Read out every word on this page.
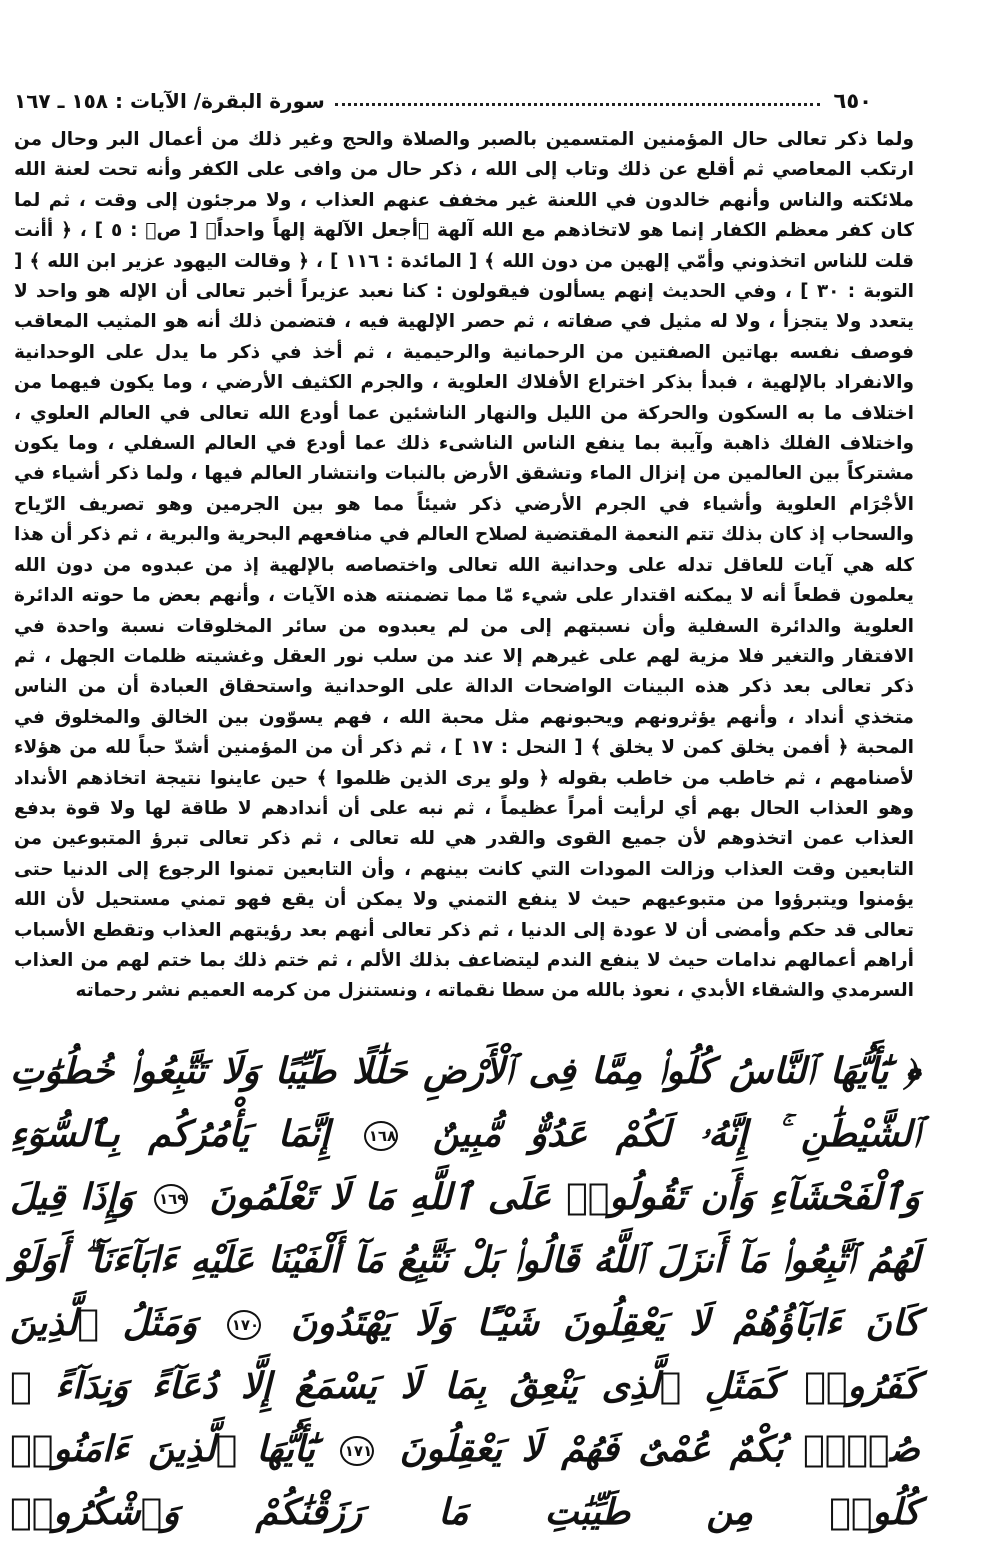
٦٥٠
سورة البقرة/ الآيات : ١٥٨ ـ ١٦٧

ولما ذكر تعالى حال المؤمنين المتسمين بالصبر والصلاة والحج وغير ذلك من أعمال البر وحال من ارتكب المعاصي ثم أقلع عن ذلك وتاب إلى الله ، ذكر حال من وافى على الكفر وأنه تحت لعنة الله ملائكته والناس وأنهم خالدون في اللعنة غير مخفف عنهم العذاب ، ولا مرجئون إلى وقت ، ثم لما كان كفر معظم الكفار إنما هو لاتخاذهم مع الله آلهة ﴿أجعل الآلهة إلهاً واحداً﴾ [ صۤ : ٥ ] ، ﴿ أأنت قلت للناس اتخذوني وأمّي إلهين من دون الله ﴾ [ المائدة : ١١٦ ] ، ﴿ وقالت اليهود عزير ابن الله ﴾ [ التوبة : ٣٠ ] ، وفي الحديث إنهم يسألون فيقولون : كنا نعبد عزيراً أخبر تعالى أن الإله هو واحد لا يتعدد ولا يتجزأ ، ولا له مثيل في صفاته ، ثم حصر الإلهية فيه ، فتضمن ذلك أنه هو المثيب المعاقب فوصف نفسه بهاتين الصفتين من الرحمانية والرحيمية ، ثم أخذ في ذكر ما يدل على الوحدانية والانفراد بالإلهية ، فبدأ بذكر اختراع الأفلاك العلوية ، والجرم الكثيف الأرضي ، وما يكون فيهما من اختلاف ما به السكون والحركة من الليل والنهار الناشئين عما أودع الله تعالى في العالم العلوي ، واختلاف الفلك ذاهبة وآيبة بما ينفع الناس الناشىء ذلك عما أودع في العالم السفلي ، وما يكون مشتركاً بين العالمين من إنزال الماء وتشقق الأرض بالنبات وانتشار العالم فيها ، ولما ذكر أشياء في الأجْرَام العلوية وأشياء في الجرم الأرضي ذكر شيئاً مما هو بين الجرمين وهو تصريف الرّياح والسحاب إذ كان بذلك تتم النعمة المقتضية لصلاح العالم في منافعهم البحرية والبرية ، ثم ذكر أن هذا كله هي آيات للعاقل تدله على وحدانية الله تعالى واختصاصه بالإلهية إذ من عبدوه من دون الله يعلمون قطعاً أنه لا يمكنه اقتدار على شيء مّا مما تضمنته هذه الآيات ، وأنهم بعض ما حوته الدائرة العلوية والدائرة السفلية وأن نسبتهم إلى من لم يعبدوه من سائر المخلوقات نسبة واحدة في الافتقار والتغير فلا مزية لهم على غيرهم إلا عند من سلب نور العقل وغشيته ظلمات الجهل ، ثم ذكر تعالى بعد ذكر هذه البينات الواضحات الدالة على الوحدانية واستحقاق العبادة أن من الناس متخذي أنداد ، وأنهم يؤثرونهم ويحبونهم مثل محبة الله ، فهم يسوّون بين الخالق والمخلوق في المحبة ﴿ أفمن يخلق كمن لا يخلق ﴾ [ النحل : ١٧ ] ، ثم ذكر أن من المؤمنين أشدّ حباً لله من هؤلاء لأصنامهم ، ثم خاطب من خاطب بقوله ﴿ ولو يرى الذين ظلموا ﴾ حين عاينوا نتيجة اتخاذهم الأنداد وهو العذاب الحال بهم أي لرأيت أمراً عظيماً ، ثم نبه على أن أندادهم لا طاقة لها ولا قوة بدفع العذاب عمن اتخذوهم لأن جميع القوى والقدر هي لله تعالى ، ثم ذكر تعالى تبرؤ المتبوعين من التابعين وقت العذاب وزالت المودات التي كانت بينهم ، وأن التابعين تمنوا الرجوع إلى الدنيا حتى يؤمنوا ويتبرؤوا من متبوعيهم حيث لا ينفع التمني ولا يمكن أن يقع فهو تمني مستحيل لأن الله تعالى قد حكم وأمضى أن لا عودة إلى الدنيا ، ثم ذكر تعالى أنهم بعد رؤيتهم العذاب وتقطع الأسباب أراهم أعمالهم ندامات حيث لا ينفع الندم ليتضاعف بذلك الألم ، ثم ختم ذلك بما ختم لهم من العذاب السرمدي والشقاء الأبدي ، نعوذ بالله من سطا نقماته ، ونستنزل من كرمه العميم نشر رحماته

﴿ يَٰٓأَيُّهَا ٱلنَّاسُ كُلُوا۟ مِمَّا فِى ٱلْأَرْضِ حَلَٰلًا طَيِّبًا وَلَا تَتَّبِعُوا۟ خُطُوَٰتِ ٱلشَّيْطَٰنِ ۚ إِنَّهُۥ لَكُمْ عَدُوٌّ مُّبِينٌ ١٦٨ إِنَّمَا يَأْمُرُكُم بِٱلسُّوٓءِ وَٱلْفَحْشَآءِ وَأَن تَقُولُوا۟ عَلَى ٱللَّهِ مَا لَا تَعْلَمُونَ ١٦٩ وَإِذَا قِيلَ لَهُمُ ٱتَّبِعُوا۟ مَآ أَنزَلَ ٱللَّهُ قَالُوا۟ بَلْ نَتَّبِعُ مَآ أَلْفَيْنَا عَلَيْهِ ءَابَآءَنَآ ۗ أَوَلَوْ كَانَ ءَابَآؤُهُمْ لَا يَعْقِلُونَ شَيْـًٔا وَلَا يَهْتَدُونَ ١٧٠ وَمَثَلُ ٱلَّذِينَ كَفَرُوا۟ كَمَثَلِ ٱلَّذِى يَنْعِقُ بِمَا لَا يَسْمَعُ إِلَّا دُعَآءً وَنِدَآءً ۚ صُمٌّۢ بُكْمٌ عُمْىٌ فَهُمْ لَا يَعْقِلُونَ ١٧١ يَٰٓأَيُّهَا ٱلَّذِينَ ءَامَنُوا۟ كُلُوا۟ مِن طَيِّبَٰتِ مَا رَزَقْنَٰكُمْ وَٱشْكُرُوا۟
